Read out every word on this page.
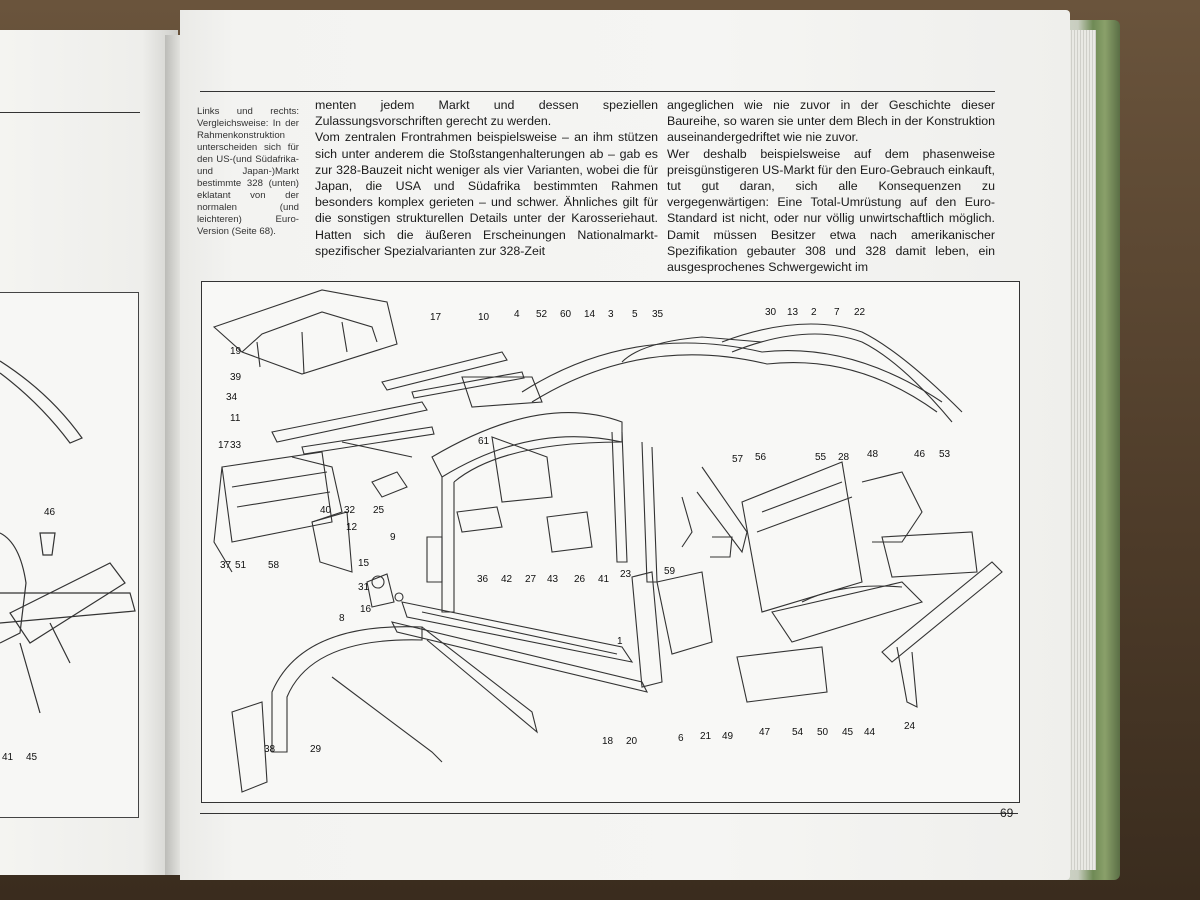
46
41 45
Links und rechts: Vergleichsweise: In der Rahmenkonstruktion unterscheiden sich für den US-(und Südafrika- und Japan-)Markt bestimmte 328 (unten) eklatant von der normalen (und leichteren) Euro-Version (Seite 68).

menten jedem Markt und dessen speziellen Zulassungsvorschriften gerecht zu werden.

Vom zentralen Frontrahmen beispielsweise – an ihm stützen sich unter anderem die Stoßstangenhalterungen ab – gab es zur 328-Bauzeit nicht weniger als vier Varianten, wobei die für Japan, die USA und Südafrika bestimmten Rahmen besonders komplex gerieten – und schwer. Ähnliches gilt für die sonstigen strukturellen Details unter der Karosseriehaut. Hatten sich die äußeren Erscheinungen Nationalmarkt-spezifischer Spezialvarianten zur 328-Zeit

angeglichen wie nie zuvor in der Geschichte dieser Baureihe, so waren sie unter dem Blech in der Konstruktion auseinandergedriftet wie nie zuvor.

Wer deshalb beispielsweise auf dem phasenweise preisgünstigeren US-Markt für den Euro-Gebrauch einkauft, tut gut daran, sich alle Konsequenzen zu vergegenwärtigen: Eine Total-Umrüstung auf den Euro-Standard ist nicht, oder nur völlig unwirtschaftlich möglich. Damit müssen Besitzer etwa nach amerikanischer Spezifikation gebauter 308 und 328 damit leben, ein ausgesprochenes Schwergewicht im

17	10 4 52 60 14 3 5 35	30 13 2 7 22
19
39
34
11
17 33	61
57 56	55 28 48	46 53
40 32 25
12
9
37 51 58	15
31
16
36 42 27 43 26 41 23	59
8
1
21 49	47 54 50 45 44
24
38	29
18 20	6
69
